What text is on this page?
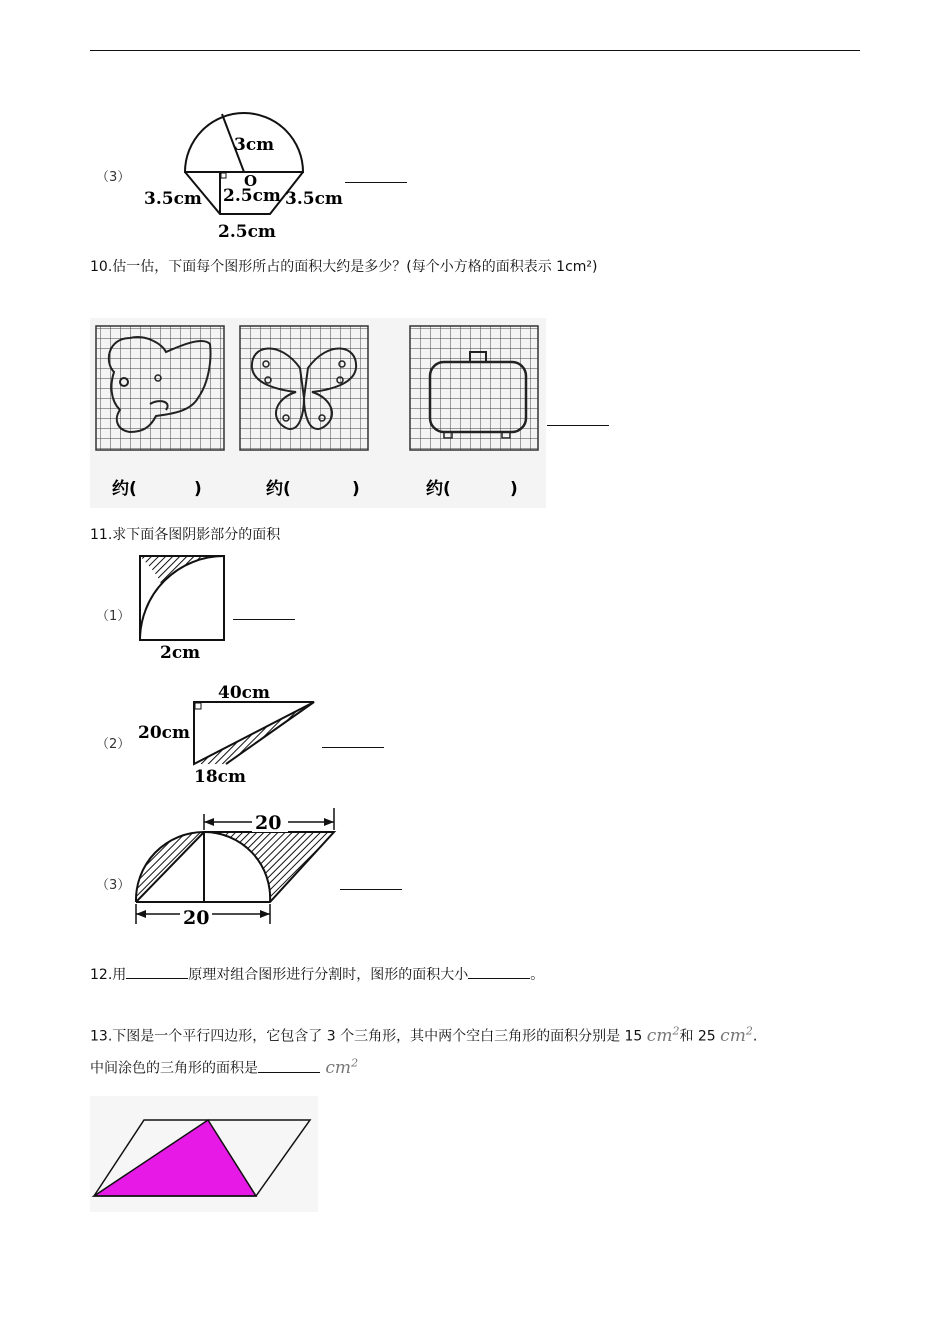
（3）
3cm
O
2.5cm
3.5cm	3.5cm
2.5cm
10.估一估，下面每个图形所占的面积大约是多少？(每个小方格的面积表示 1cm²)
约(	)	约(	)	约(	)
11.求下面各图阴影部分的面积
（1）
2cm
（2）
40cm
20cm
18cm
（3）
20
20
12.用	原理对组合图形进行分割时，图形的面积大小	。
13.下图是一个平行四边形，它包含了 3 个三角形，其中两个空白三角形的面积分别是 15 $cm^2$和 25 $cm^2$.
中间涂色的三角形的面积是	$cm^2$
